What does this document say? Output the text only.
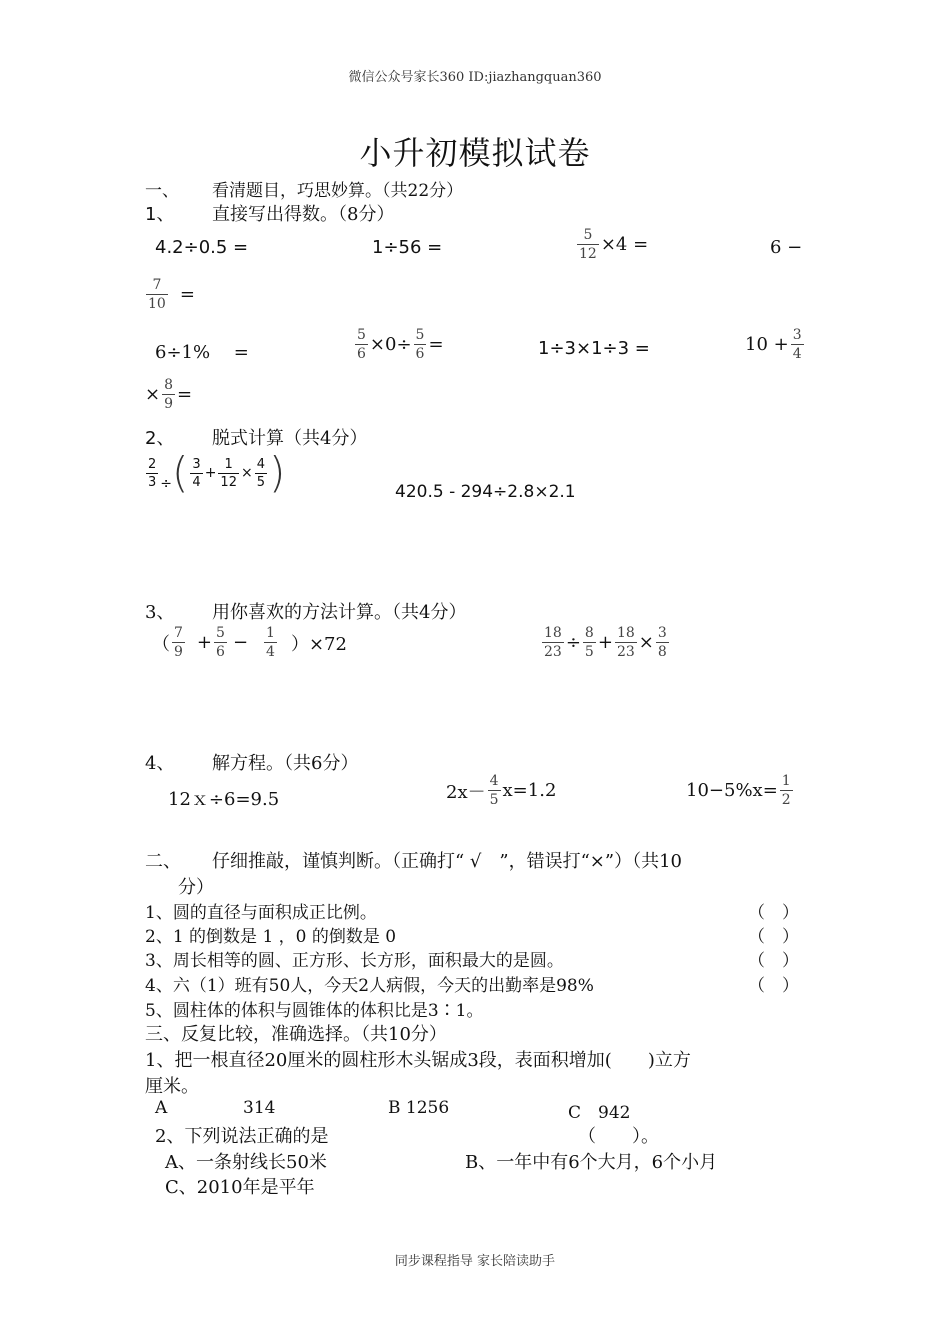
微信公众号家长360 ID:jiazhangquan360
小升初模拟试卷
一、 看清题目，巧思妙算。（共22分）
1、 直接写出得数。（8分）
4.2÷0.5 =	1÷56 =	$\frac{5}{12} \times 4$ =	6 −
$\frac{7}{10}$ =
6÷1%　 =	$\frac{5}{6} \times 0\div \frac{5}{6}$ =	1÷3×1÷3 =	$10 + \frac{3}{4}$
× $\frac{8}{9}$ =
2、 脱式计算（共4分）
$\frac{2}{3}$ ÷ ( $\frac{3}{4} + \frac{1}{12} \times \frac{4}{5}$ )	420.5 - 294÷2.8×2.1
3、 用你喜欢的方法计算。（共4分）
（ $\frac{7}{9} + \frac{5}{6} - \frac{1}{4} )\times 72$	$\frac{18}{23} \div \frac{8}{5} + \frac{18}{23} \times \frac{3}{8}$
4、 解方程。（共6分）
12ｘ÷6=9.5	$2x- \frac{4}{5} x=1.2$	$10-5\%x= \frac{1}{2}$
二、 仔细推敲，谨慎判断。（正确打“ √　”，错误打“×”）（共10
分）
1、圆的直径与面积成正比例。	（　）
2、1 的倒数是 1 ，0 的倒数是 0	（　）
3、周长相等的圆、正方形、长方形，面积最大的是圆。	（　）
4、六（1）班有50人，今天2人病假，今天的出勤率是98%	（　）
5、圆柱体的体积与圆锥体的体积比是3∶1。
三、反复比较，准确选择。（共10分）
1、把一根直径20厘米的圆柱形木头锯成3段，表面积增加(　　)立方
厘米。
A	314	B 1256	C　942
2、下列说法正确的是	（　　）。
A、一条射线长50米	B、一年中有6个大月，6个小月
C、2010年是平年
同步课程指导 家长陪读助手
